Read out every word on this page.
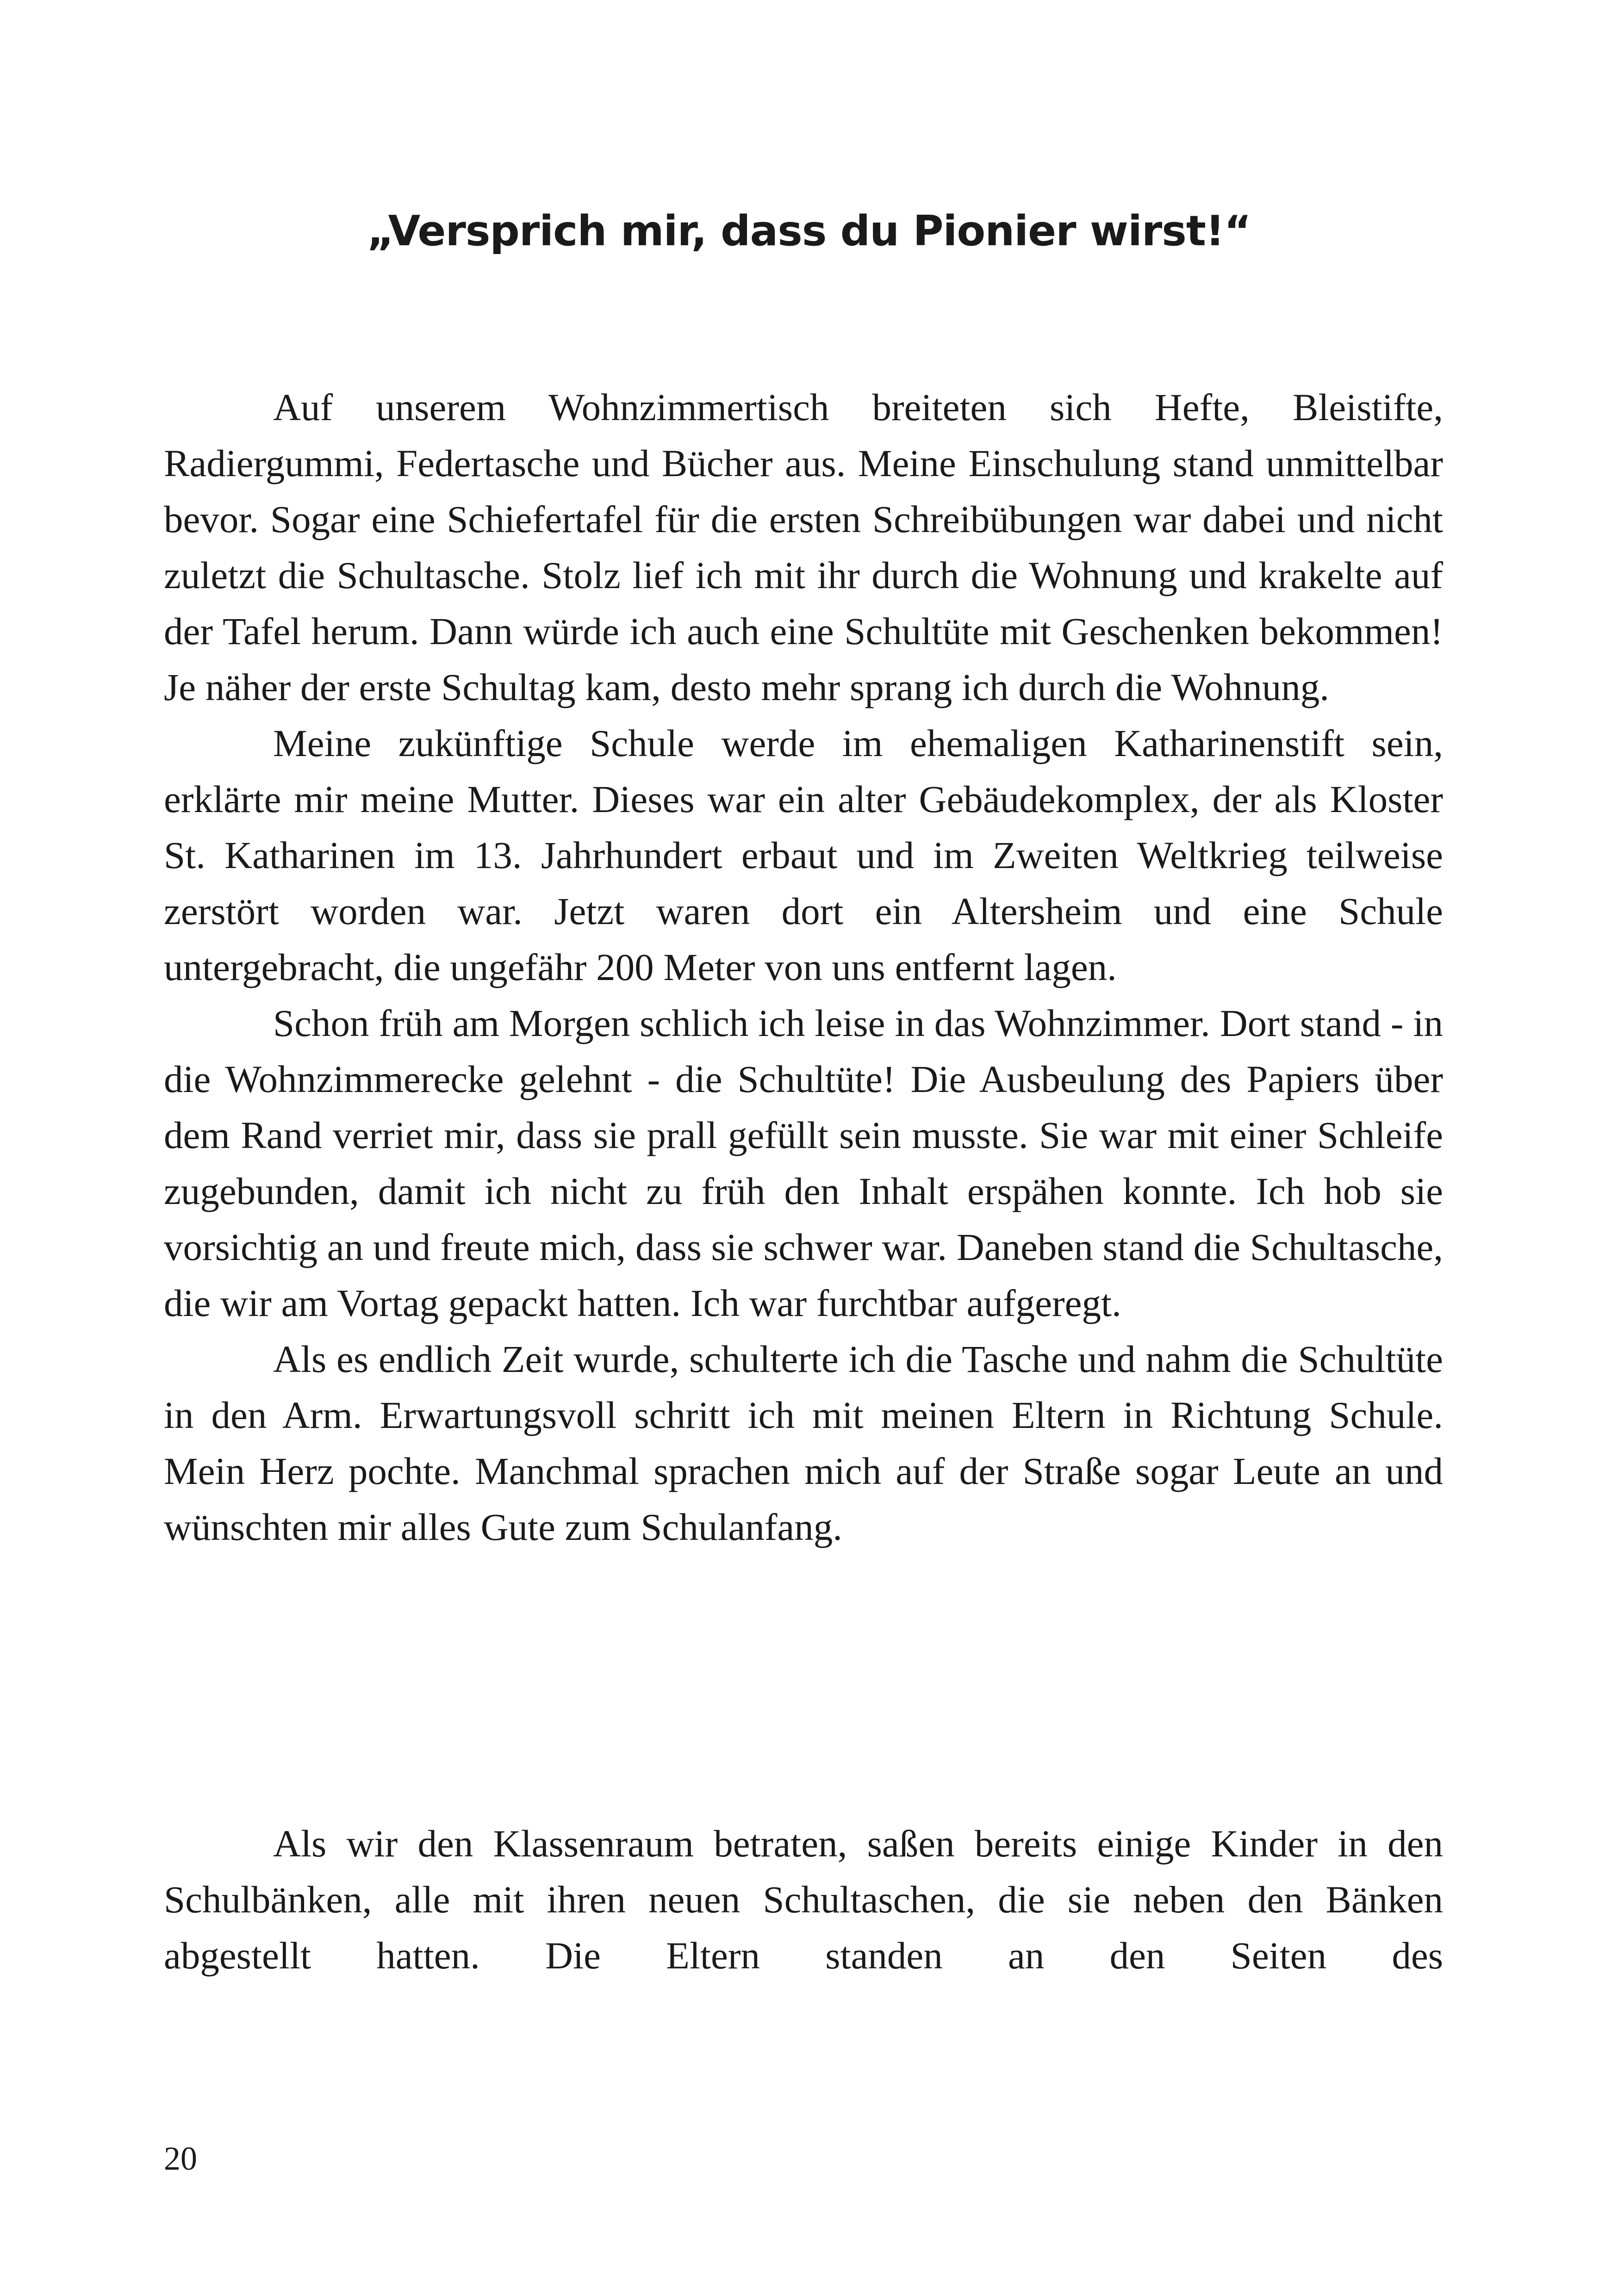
„Versprich mir, dass du Pionier wirst!“

Auf unserem Wohnzimmertisch breiteten sich Hefte, Bleistifte, Radiergummi, Federtasche und Bücher aus. Meine Einschulung stand unmittelbar bevor. Sogar eine Schiefertafel für die ersten Schreibübungen war dabei und nicht zuletzt die Schultasche. Stolz lief ich mit ihr durch die Wohnung und krakelte auf der Tafel herum. Dann würde ich auch eine Schultüte mit Geschenken bekommen! Je näher der erste Schultag kam, desto mehr sprang ich durch die Wohnung.

Meine zukünftige Schule werde im ehemaligen Katharinenstift sein, erklärte mir meine Mutter. Dieses war ein alter Gebäudekomplex, der als Kloster St. Katharinen im 13. Jahrhundert erbaut und im Zweiten Weltkrieg teilweise zerstört worden war. Jetzt waren dort ein Altersheim und eine Schule untergebracht, die ungefähr 200 Meter von uns entfernt lagen.

Schon früh am Morgen schlich ich leise in das Wohnzimmer. Dort stand - in die Wohnzimmerecke gelehnt - die Schultüte! Die Ausbeulung des Papiers über dem Rand verriet mir, dass sie prall gefüllt sein musste. Sie war mit einer Schleife zugebunden, damit ich nicht zu früh den Inhalt erspähen konnte. Ich hob sie vorsichtig an und freute mich, dass sie schwer war. Daneben stand die Schultasche, die wir am Vortag gepackt hatten. Ich war furchtbar aufgeregt.

Als es endlich Zeit wurde, schulterte ich die Tasche und nahm die Schultüte in den Arm. Erwartungsvoll schritt ich mit meinen Eltern in Richtung Schule. Mein Herz pochte. Manchmal sprachen mich auf der Straße sogar Leute an und wünschten mir alles Gute zum Schulanfang.

Als wir den Klassenraum betraten, saßen bereits einige Kinder in den Schulbänken, alle mit ihren neuen Schultaschen, die sie neben den Bänken abgestellt hatten. Die Eltern standen an den Seiten des

20
